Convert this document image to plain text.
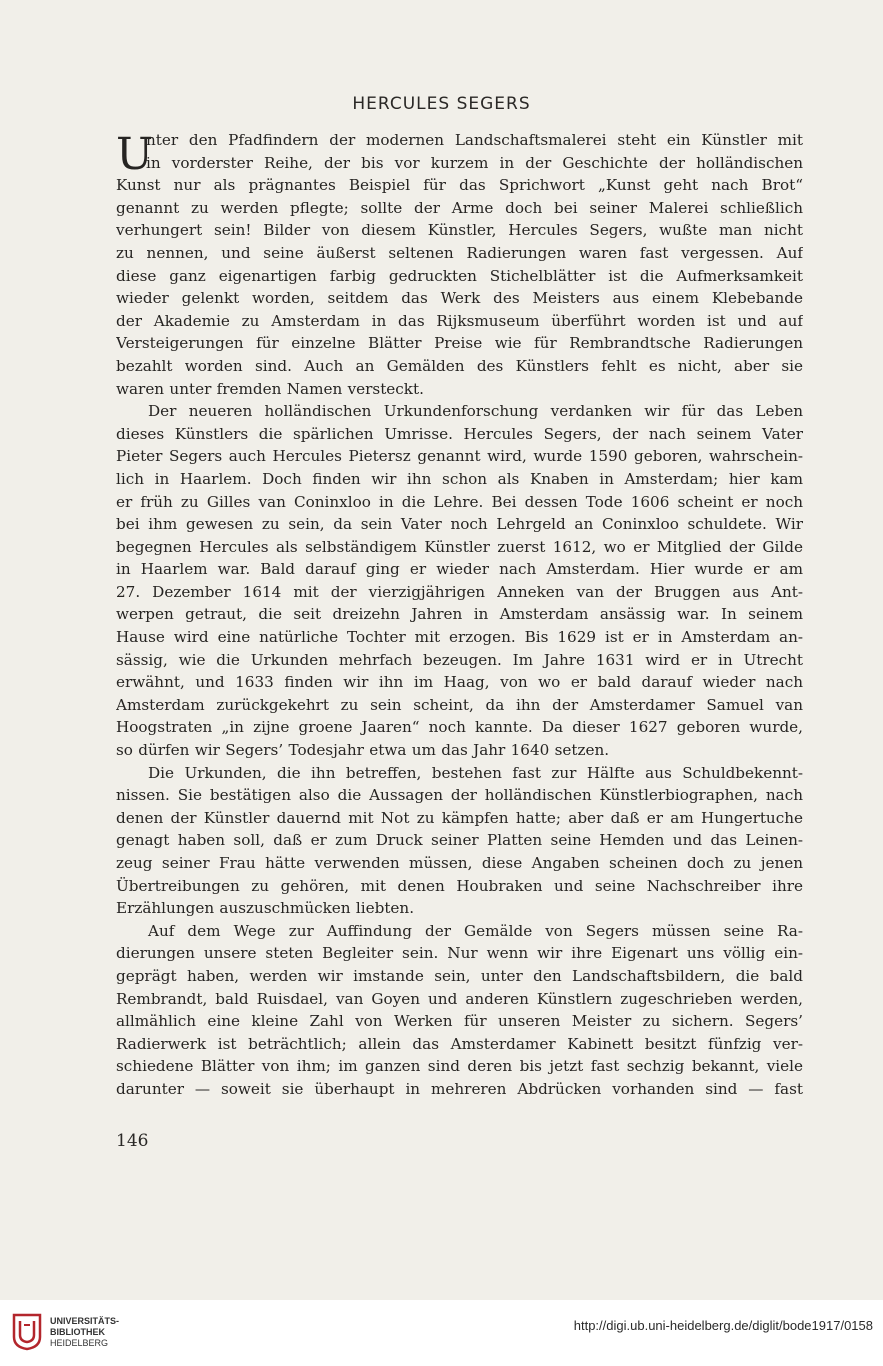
HERCULES SEGERS
U
nter den Pfadfindern der modernen Landschaftsmalerei steht ein Künstler mit
in vorderster Reihe, der bis vor kurzem in der Geschichte der holländischen
Kunst nur als prägnantes Beispiel für das Sprichwort „Kunst geht nach Brot“
genannt zu werden pflegte; sollte der Arme doch bei seiner Malerei schließlich
verhungert sein! Bilder von diesem Künstler, Hercules Segers, wußte man nicht
zu nennen, und seine äußerst seltenen Radierungen waren fast vergessen. Auf
diese ganz eigenartigen farbig gedruckten Stichelblätter ist die Aufmerksamkeit
wieder gelenkt worden, seitdem das Werk des Meisters aus einem Klebebande
der Akademie zu Amsterdam in das Rijksmuseum überführt worden ist und auf
Versteigerungen für einzelne Blätter Preise wie für Rembrandtsche Radierungen
bezahlt worden sind. Auch an Gemälden des Künstlers fehlt es nicht, aber sie
waren unter fremden Namen versteckt.
Der neueren holländischen Urkundenforschung verdanken wir für das Leben
dieses Künstlers die spärlichen Umrisse. Hercules Segers, der nach seinem Vater
Pieter Segers auch Hercules Pietersz genannt wird, wurde 1590 geboren, wahrschein-
lich in Haarlem. Doch finden wir ihn schon als Knaben in Amsterdam; hier kam
er früh zu Gilles van Coninxloo in die Lehre. Bei dessen Tode 1606 scheint er noch
bei ihm gewesen zu sein, da sein Vater noch Lehrgeld an Coninxloo schuldete. Wir
begegnen Hercules als selbständigem Künstler zuerst 1612, wo er Mitglied der Gilde
in Haarlem war. Bald darauf ging er wieder nach Amsterdam. Hier wurde er am
27. Dezember 1614 mit der vierzigjährigen Anneken van der Bruggen aus Ant-
werpen getraut, die seit dreizehn Jahren in Amsterdam ansässig war. In seinem
Hause wird eine natürliche Tochter mit erzogen. Bis 1629 ist er in Amsterdam an-
sässig, wie die Urkunden mehrfach bezeugen. Im Jahre 1631 wird er in Utrecht
erwähnt, und 1633 finden wir ihn im Haag, von wo er bald darauf wieder nach
Amsterdam zurückgekehrt zu sein scheint, da ihn der Amsterdamer Samuel van
Hoogstraten „in zijne groene Jaaren“ noch kannte. Da dieser 1627 geboren wurde,
so dürfen wir Segers’ Todesjahr etwa um das Jahr 1640 setzen.
Die Urkunden, die ihn betreffen, bestehen fast zur Hälfte aus Schuldbekennt-
nissen. Sie bestätigen also die Aussagen der holländischen Künstlerbiographen, nach
denen der Künstler dauernd mit Not zu kämpfen hatte; aber daß er am Hungertuche
genagt haben soll, daß er zum Druck seiner Platten seine Hemden und das Leinen-
zeug seiner Frau hätte verwenden müssen, diese Angaben scheinen doch zu jenen
Übertreibungen zu gehören, mit denen Houbraken und seine Nachschreiber ihre
Erzählungen auszuschmücken liebten.
Auf dem Wege zur Auffindung der Gemälde von Segers müssen seine Ra-
dierungen unsere steten Begleiter sein. Nur wenn wir ihre Eigenart uns völlig ein-
geprägt haben, werden wir imstande sein, unter den Landschaftsbildern, die bald
Rembrandt, bald Ruisdael, van Goyen und anderen Künstlern zugeschrieben werden,
allmählich eine kleine Zahl von Werken für unseren Meister zu sichern. Segers’
Radierwerk ist beträchtlich; allein das Amsterdamer Kabinett besitzt fünfzig ver-
schiedene Blätter von ihm; im ganzen sind deren bis jetzt fast sechzig bekannt, viele
darunter — soweit sie überhaupt in mehreren Abdrücken vorhanden sind — fast
146
UNIVERSITÄTS-
BIBLIOTHEK
HEIDELBERG
http://digi.ub.uni-heidelberg.de/diglit/bode1917/0158
